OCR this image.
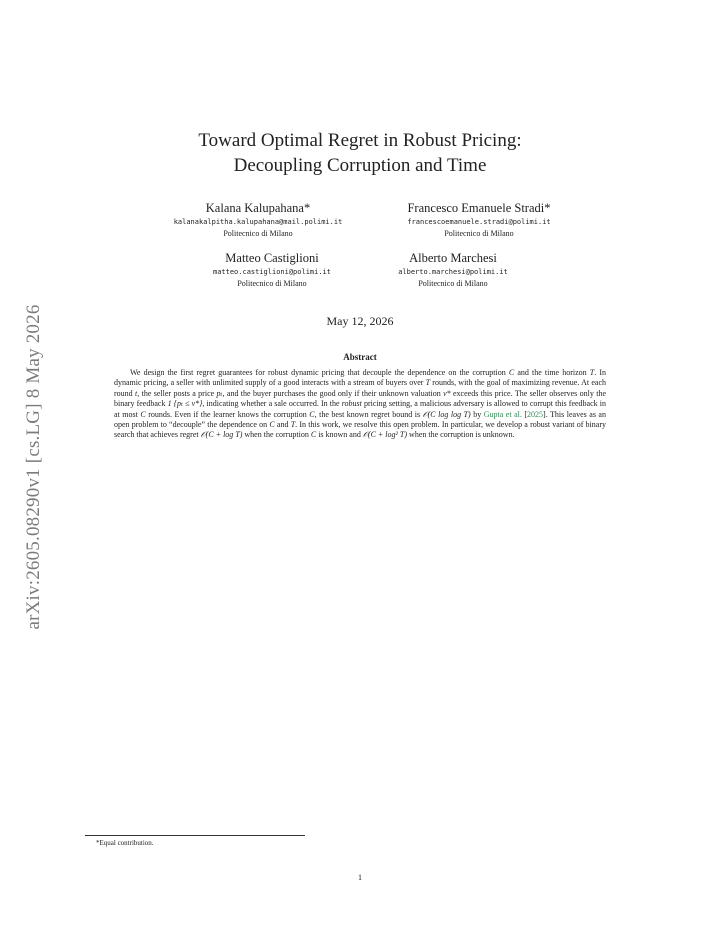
arXiv:2605.08290v1 [cs.LG] 8 May 2026
Toward Optimal Regret in Robust Pricing:
Decoupling Corruption and Time
Kalana Kalupahana*
kalanakalpitha.kalupahana@mail.polimi.it
Politecnico di Milano
Francesco Emanuele Stradi*
francescoemanuele.stradi@polimi.it
Politecnico di Milano
Matteo Castiglioni
matteo.castiglioni@polimi.it
Politecnico di Milano
Alberto Marchesi
alberto.marchesi@polimi.it
Politecnico di Milano
May 12, 2026
Abstract

We design the first regret guarantees for robust dynamic pricing that decouple the dependence on the corruption C and the time horizon T. In dynamic pricing, a seller with unlimited supply of a good interacts with a stream of buyers over T rounds, with the goal of maximizing revenue. At each round t, the seller posts a price pₜ, and the buyer purchases the good only if their unknown valuation v* exceeds this price. The seller observes only the binary feedback 1 {pₜ ≤ v*}, indicating whether a sale occurred. In the robust pricing setting, a malicious adversary is allowed to corrupt this feedback in at most C rounds. Even if the learner knows the corruption C, the best known regret bound is 𝒪(C log log T) by Gupta et al. [2025]. This leaves as an open problem to “decouple” the dependence on C and T. In this work, we resolve this open problem. In particular, we develop a robust variant of binary search that achieves regret 𝒪(C + log T) when the corruption C is known and 𝒪(C + log² T) when the corruption is unknown.

*Equal contribution.
1
